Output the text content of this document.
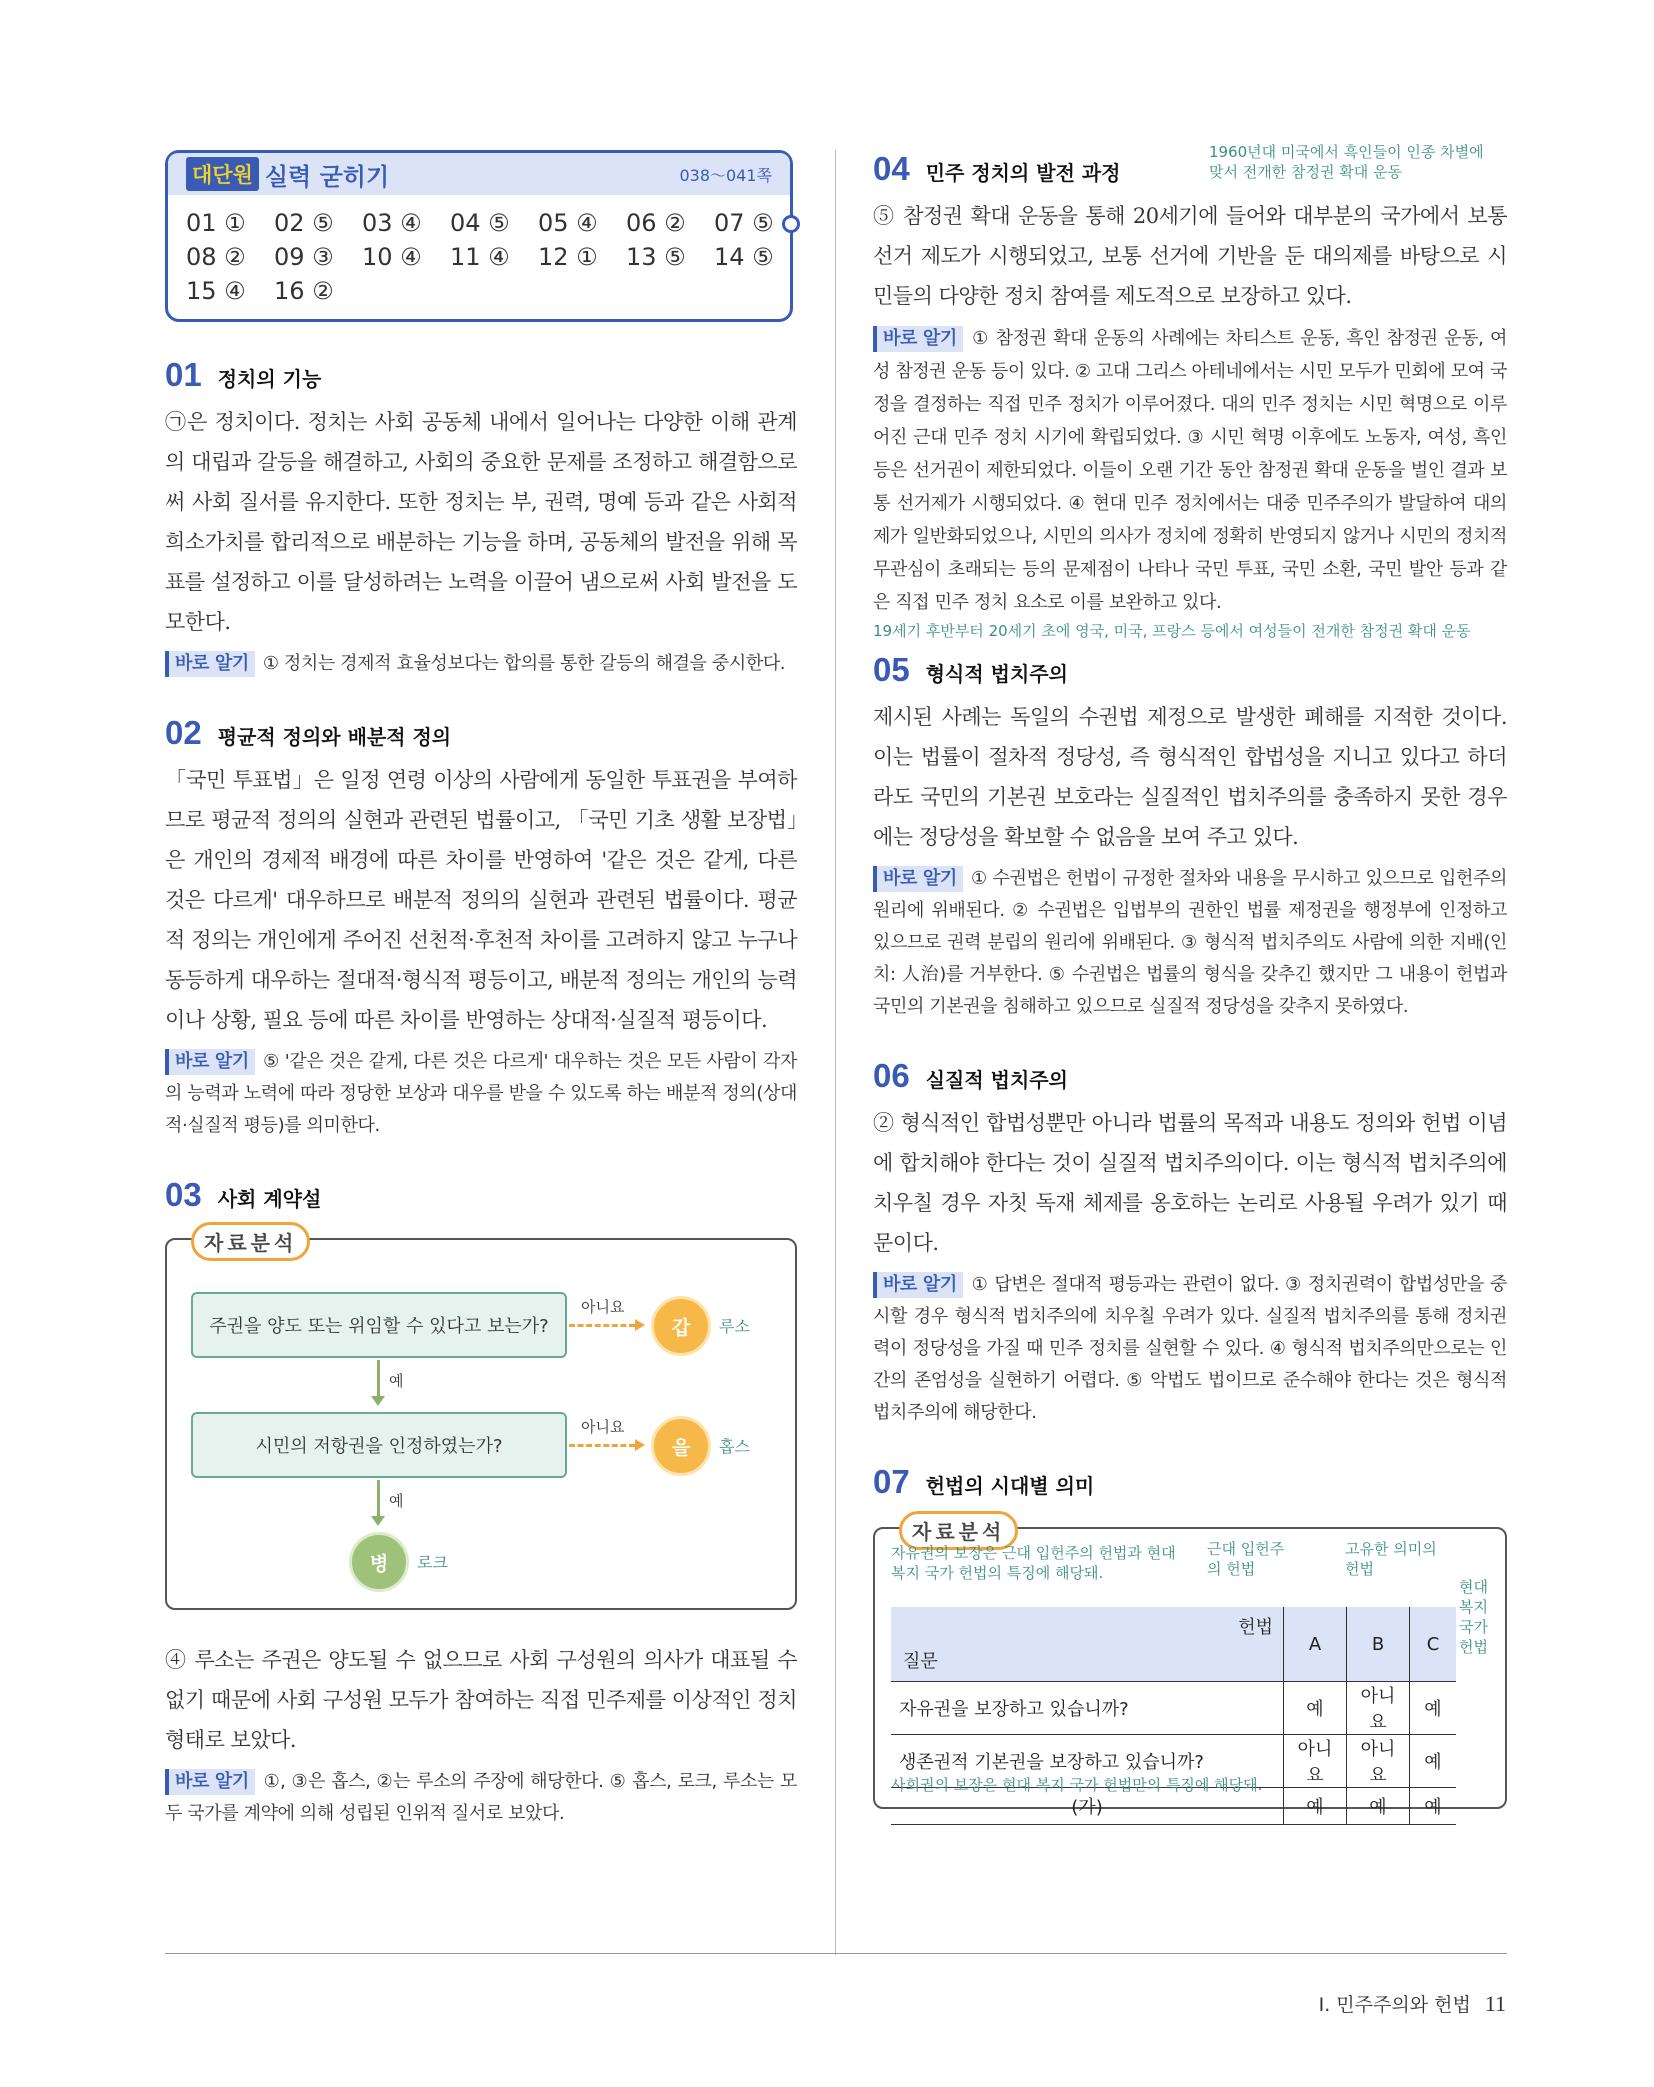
대단원 실력 굳히기	038～041쪽
01 ①	02 ⑤	03 ④	04 ⑤	05 ④	06 ②	07 ⑤
08 ②	09 ③	10 ④	11 ④	12 ①	13 ⑤	14 ⑤
15 ④	16 ②
01 정치의 기능
㉠은 정치이다. 정치는 사회 공동체 내에서 일어나는 다양한 이해 관계의 대립과 갈등을 해결하고, 사회의 중요한 문제를 조정하고 해결함으로써 사회 질서를 유지한다. 또한 정치는 부, 권력, 명예 등과 같은 사회적 희소가치를 합리적으로 배분하는 기능을 하며, 공동체의 발전을 위해 목표를 설정하고 이를 달성하려는 노력을 이끌어 냄으로써 사회 발전을 도모한다.
바로 알기 ① 정치는 경제적 효율성보다는 합의를 통한 갈등의 해결을 중시한다.
02 평균적 정의와 배분적 정의
「국민 투표법」은 일정 연령 이상의 사람에게 동일한 투표권을 부여하므로 평균적 정의의 실현과 관련된 법률이고, 「국민 기초 생활 보장법」은 개인의 경제적 배경에 따른 차이를 반영하여 '같은 것은 같게, 다른 것은 다르게' 대우하므로 배분적 정의의 실현과 관련된 법률이다. 평균적 정의는 개인에게 주어진 선천적·후천적 차이를 고려하지 않고 누구나 동등하게 대우하는 절대적·형식적 평등이고, 배분적 정의는 개인의 능력이나 상황, 필요 등에 따른 차이를 반영하는 상대적·실질적 평등이다.
바로 알기 ⑤ '같은 것은 같게, 다른 것은 다르게' 대우하는 것은 모든 사람이 각자의 능력과 노력에 따라 정당한 보상과 대우를 받을 수 있도록 하는 배분적 정의(상대적·실질적 평등)를 의미한다.
03 사회 계약설
자료분석
주권을 양도 또는 위임할 수 있다고 보는가?
아니요
갑	루소
예
시민의 저항권을 인정하였는가?
아니요
을	홉스
예
병	로크
④ 루소는 주권은 양도될 수 없으므로 사회 구성원의 의사가 대표될 수 없기 때문에 사회 구성원 모두가 참여하는 직접 민주제를 이상적인 정치 형태로 보았다.
바로 알기 ①, ③은 홉스, ②는 루소의 주장에 해당한다. ⑤ 홉스, 로크, 루소는 모두 국가를 계약에 의해 성립된 인위적 질서로 보았다.
1960년대 미국에서 흑인들이 인종 차별에 맞서 전개한 참정권 확대 운동
04 민주 정치의 발전 과정
⑤ 참정권 확대 운동을 통해 20세기에 들어와 대부분의 국가에서 보통 선거 제도가 시행되었고, 보통 선거에 기반을 둔 대의제를 바탕으로 시민들의 다양한 정치 참여를 제도적으로 보장하고 있다.
바로 알기 ① 참정권 확대 운동의 사례에는 차티스트 운동, 흑인 참정권 운동, 여성 참정권 운동 등이 있다. ② 고대 그리스 아테네에서는 시민 모두가 민회에 모여 국정을 결정하는 직접 민주 정치가 이루어졌다. 대의 민주 정치는 시민 혁명으로 이루어진 근대 민주 정치 시기에 확립되었다. ③ 시민 혁명 이후에도 노동자, 여성, 흑인 등은 선거권이 제한되었다. 이들이 오랜 기간 동안 참정권 확대 운동을 벌인 결과 보통 선거제가 시행되었다. ④ 현대 민주 정치에서는 대중 민주주의가 발달하여 대의제가 일반화되었으나, 시민의 의사가 정치에 정확히 반영되지 않거나 시민의 정치적 무관심이 초래되는 등의 문제점이 나타나 국민 투표, 국민 소환, 국민 발안 등과 같은 직접 민주 정치 요소로 이를 보완하고 있다.
19세기 후반부터 20세기 초에 영국, 미국, 프랑스 등에서 여성들이 전개한 참정권 확대 운동
05 형식적 법치주의
제시된 사례는 독일의 수권법 제정으로 발생한 폐해를 지적한 것이다. 이는 법률이 절차적 정당성, 즉 형식적인 합법성을 지니고 있다고 하더라도 국민의 기본권 보호라는 실질적인 법치주의를 충족하지 못한 경우에는 정당성을 확보할 수 없음을 보여 주고 있다.
바로 알기 ① 수권법은 헌법이 규정한 절차와 내용을 무시하고 있으므로 입헌주의 원리에 위배된다. ② 수권법은 입법부의 권한인 법률 제정권을 행정부에 인정하고 있으므로 권력 분립의 원리에 위배된다. ③ 형식적 법치주의도 사람에 의한 지배(인치: 人治)를 거부한다. ⑤ 수권법은 법률의 형식을 갖추긴 했지만 그 내용이 헌법과 국민의 기본권을 침해하고 있으므로 실질적 정당성을 갖추지 못하였다.
06 실질적 법치주의
② 형식적인 합법성뿐만 아니라 법률의 목적과 내용도 정의와 헌법 이념에 합치해야 한다는 것이 실질적 법치주의이다. 이는 형식적 법치주의에 치우칠 경우 자칫 독재 체제를 옹호하는 논리로 사용될 우려가 있기 때문이다.
바로 알기 ① 답변은 절대적 평등과는 관련이 없다. ③ 정치권력이 합법성만을 중시할 경우 형식적 법치주의에 치우칠 우려가 있다. 실질적 법치주의를 통해 정치권력이 정당성을 가질 때 민주 정치를 실현할 수 있다. ④ 형식적 법치주의만으로는 인간의 존엄성을 실현하기 어렵다. ⑤ 악법도 법이므로 준수해야 한다는 것은 형식적 법치주의에 해당한다.
07 헌법의 시대별 의미
자료분석
자유권의 보장은 근대 입헌주의 헌법과 현대 복지 국가 헌법의 특징에 해당돼.
근대 입헌주의 헌법
고유한 의미의 헌법
현대 복지 국가 헌법
헌법
질문	A	B	C
자유권을 보장하고 있습니까?	예	아니요	예
생존권적 기본권을 보장하고 있습니까?	아니요	아니요	예
(가)	예	예	예
사회권의 보장은 현대 복지 국가 헌법만의 특징에 해당돼.
Ⅰ. 민주주의와 헌법 11
